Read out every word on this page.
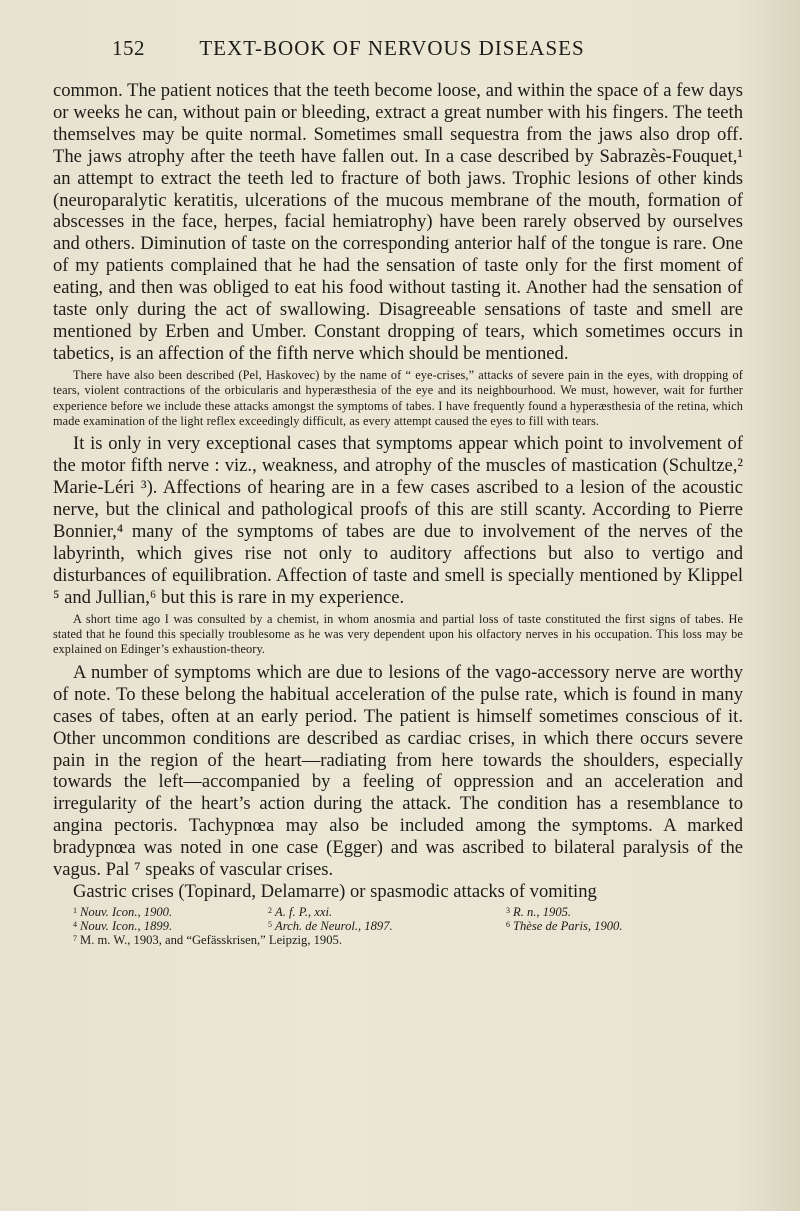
152	TEXT-BOOK OF NERVOUS DISEASES

common. The patient notices that the teeth become loose, and within the space of a few days or weeks he can, without pain or bleeding, extract a great number with his fingers. The teeth themselves may be quite normal. Sometimes small sequestra from the jaws also drop off. The jaws atrophy after the teeth have fallen out. In a case described by Sabrazès-Fouquet,¹ an attempt to extract the teeth led to fracture of both jaws. Trophic lesions of other kinds (neuroparalytic keratitis, ulcerations of the mucous membrane of the mouth, formation of abscesses in the face, herpes, facial hemiatrophy) have been rarely observed by ourselves and others. Diminution of taste on the corresponding anterior half of the tongue is rare. One of my patients complained that he had the sensation of taste only for the first moment of eating, and then was obliged to eat his food without tasting it. Another had the sensation of taste only during the act of swallowing. Disagreeable sensations of taste and smell are mentioned by Erben and Umber. Constant dropping of tears, which sometimes occurs in tabetics, is an affection of the fifth nerve which should be mentioned.

There have also been described (Pel, Haskovec) by the name of “ eye-crises,” attacks of severe pain in the eyes, with dropping of tears, violent contractions of the orbicularis and hyperæsthesia of the eye and its neighbourhood. We must, however, wait for further experience before we include these attacks amongst the symptoms of tabes. I have frequently found a hyperæsthesia of the retina, which made examination of the light reflex exceedingly difficult, as every attempt caused the eyes to fill with tears.

It is only in very exceptional cases that symptoms appear which point to involvement of the motor fifth nerve : viz., weakness, and atrophy of the muscles of mastication (Schultze,² Marie-Léri ³). Affections of hearing are in a few cases ascribed to a lesion of the acoustic nerve, but the clinical and pathological proofs of this are still scanty. According to Pierre Bonnier,⁴ many of the symptoms of tabes are due to involvement of the nerves of the labyrinth, which gives rise not only to auditory affections but also to vertigo and disturbances of equilibration. Affection of taste and smell is specially mentioned by Klippel ⁵ and Jullian,⁶ but this is rare in my experience.

A short time ago I was consulted by a chemist, in whom anosmia and partial loss of taste constituted the first signs of tabes. He stated that he found this specially troublesome as he was very dependent upon his olfactory nerves in his occupation. This loss may be explained on Edinger’s exhaustion-theory.

A number of symptoms which are due to lesions of the vago-accessory nerve are worthy of note. To these belong the habitual acceleration of the pulse rate, which is found in many cases of tabes, often at an early period. The patient is himself sometimes conscious of it. Other uncommon conditions are described as cardiac crises, in which there occurs severe pain in the region of the heart—radiating from here towards the shoulders, especially towards the left—accompanied by a feeling of oppression and an acceleration and irregularity of the heart’s action during the attack. The condition has a resemblance to angina pectoris. Tachypnœa may also be included among the symptoms. A marked bradypnœa was noted in one case (Egger) and was ascribed to bilateral paralysis of the vagus. Pal ⁷ speaks of vascular crises.

Gastric crises (Topinard, Delamarre) or spasmodic attacks of vomiting

1 Nouv. Icon., 1900.	2 A. f. P., xxi.	3 R. n., 1905.
4 Nouv. Icon., 1899.	5 Arch. de Neurol., 1897.	6 Thèse de Paris, 1900.
7 M. m. W., 1903, and “Gefässkrisen,” Leipzig, 1905.
